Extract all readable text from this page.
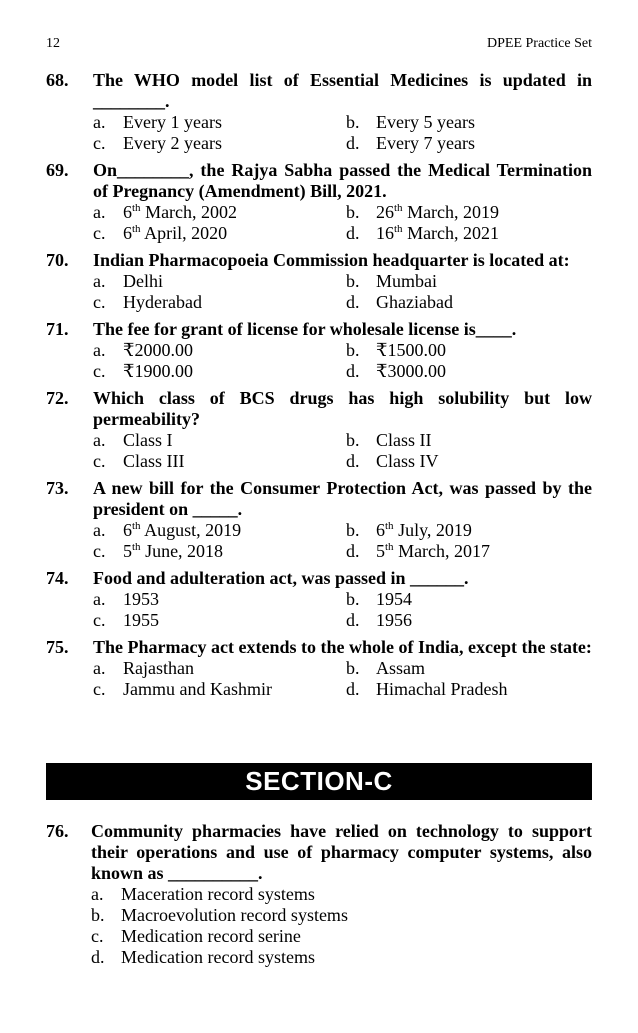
12	DPEE Practice Set
68.	The WHO model list of Essential Medicines is updated in ________.
a. Every 1 years	b. Every 5 years
c. Every 2 years	d. Every 7 years
69.	On________, the Rajya Sabha passed the Medical Termination of Pregnancy (Amendment) Bill, 2021.
a. 6th March, 2002	b. 26th March, 2019
c. 6th April, 2020	d. 16th March, 2021
70.	Indian Pharmacopoeia Commission headquarter is located at:
a. Delhi	b. Mumbai
c. Hyderabad	d. Ghaziabad
71.	The fee for grant of license for wholesale license is____.
a. ₹2000.00	b. ₹1500.00
c. ₹1900.00	d. ₹3000.00
72.	Which class of BCS drugs has high solubility but low permeability?
a. Class I	b. Class II
c. Class III	d. Class IV
73.	A new bill for the Consumer Protection Act, was passed by the president on _____.
a. 6th August, 2019	b. 6th July, 2019
c. 5th June, 2018	d. 5th March, 2017
74.	Food and adulteration act, was passed in ______.
a. 1953	b. 1954
c. 1955	d. 1956
75.	The Pharmacy act extends to the whole of India, except the state:
a. Rajasthan	b. Assam
c. Jammu and Kashmir	d. Himachal Pradesh
SECTION-C
76.	Community pharmacies have relied on technology to support their operations and use of pharmacy computer systems, also known as __________.
a. Maceration record systems
b. Macroevolution record systems
c. Medication record serine
d. Medication record systems
